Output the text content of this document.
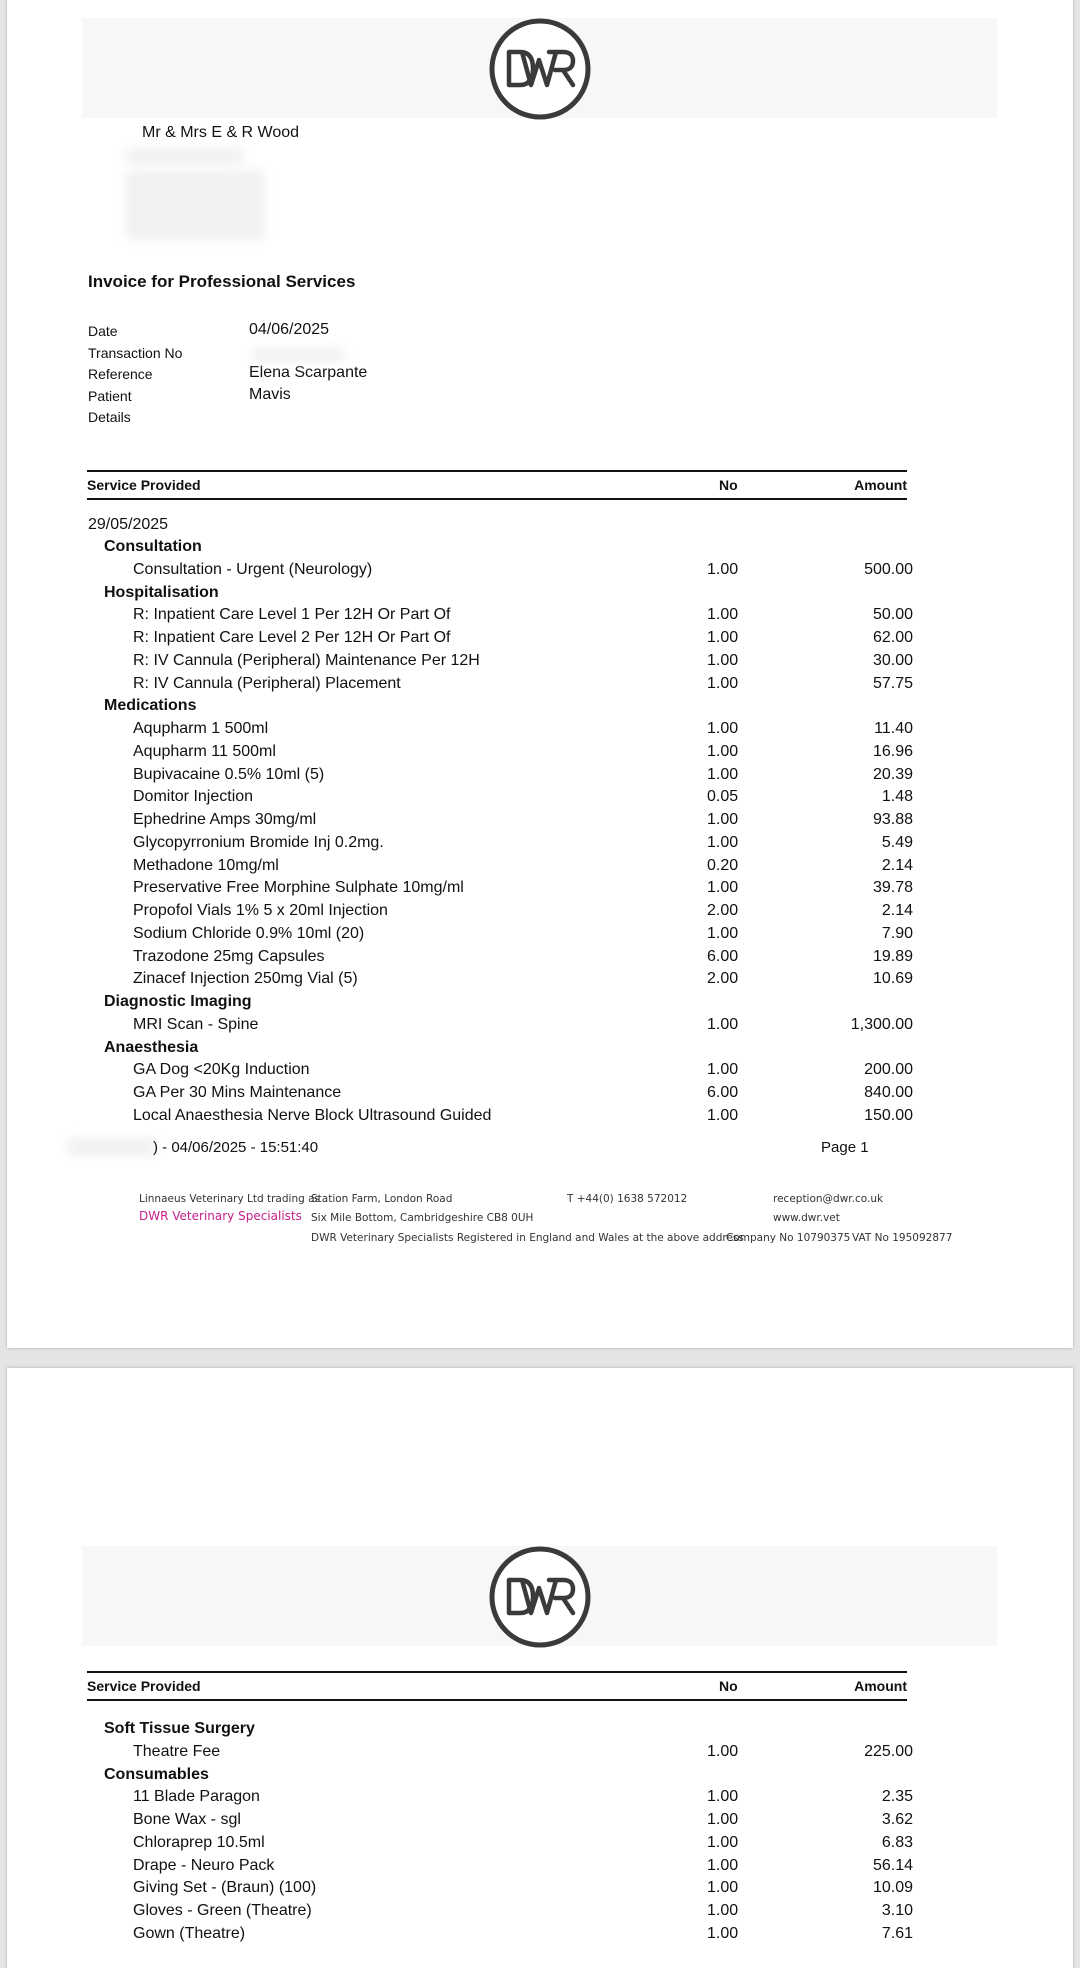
Mr & Mrs E & R Wood
Invoice for Professional Services
Date	04/06/2025
Transaction No
Reference	Elena Scarpante
Patient	Mavis
Details
Service Provided	No	Amount
29/05/2025
Consultation
Consultation - Urgent (Neurology)	1.00	500.00
Hospitalisation
R: Inpatient Care Level 1 Per 12H Or Part Of	1.00	50.00
R: Inpatient Care Level 2 Per 12H Or Part Of	1.00	62.00
R: IV Cannula (Peripheral) Maintenance Per 12H	1.00	30.00
R: IV Cannula (Peripheral) Placement	1.00	57.75
Medications
Aqupharm 1 500ml	1.00	11.40
Aqupharm 11 500ml	1.00	16.96
Bupivacaine 0.5% 10ml (5)	1.00	20.39
Domitor Injection	0.05	1.48
Ephedrine Amps 30mg/ml	1.00	93.88
Glycopyrronium Bromide Inj 0.2mg.	1.00	5.49
Methadone 10mg/ml	0.20	2.14
Preservative Free Morphine Sulphate 10mg/ml	1.00	39.78
Propofol Vials 1% 5 x 20ml Injection	2.00	2.14
Sodium Chloride 0.9% 10ml (20)	1.00	7.90
Trazodone 25mg Capsules	6.00	19.89
Zinacef Injection 250mg Vial (5)	2.00	10.69
Diagnostic Imaging
MRI Scan - Spine	1.00	1,300.00
Anaesthesia
GA Dog <20Kg Induction	1.00	200.00
GA Per 30 Mins Maintenance	6.00	840.00
Local Anaesthesia Nerve Block Ultrasound Guided	1.00	150.00
) - 04/06/2025 - 15:51:40	Page 1
Linnaeus Veterinary Ltd trading as
DWR Veterinary Specialists
Station Farm, London Road
Six Mile Bottom, Cambridgeshire CB8 0UH
T +44(0) 1638 572012	reception@dwr.co.uk
www.dwr.vet
DWR Veterinary Specialists Registered in England and Wales at the above address
Company No 10790375 VAT No 195092877
Service Provided	No	Amount
Soft Tissue Surgery
Theatre Fee	1.00	225.00
Consumables
11 Blade Paragon	1.00	2.35
Bone Wax - sgl	1.00	3.62
Chloraprep 10.5ml	1.00	6.83
Drape - Neuro Pack	1.00	56.14
Giving Set - (Braun) (100)	1.00	10.09
Gloves - Green (Theatre)	1.00	3.10
Gown (Theatre)	1.00	7.61
